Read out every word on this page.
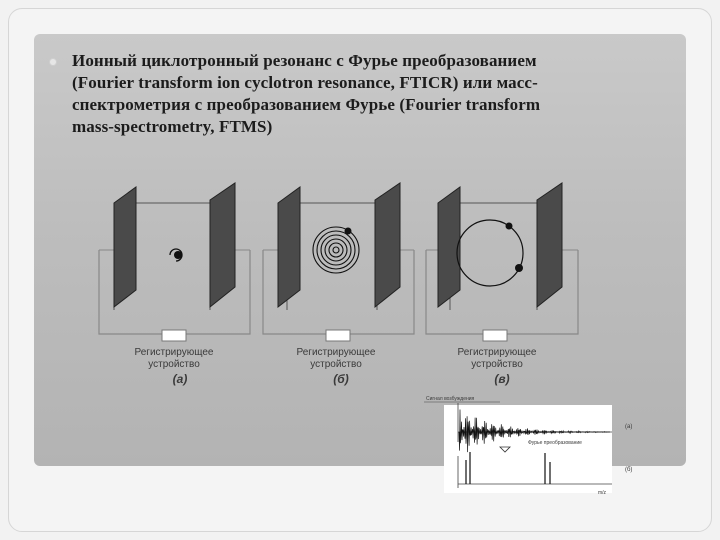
Ионный циклотронный резонанс с Фурье преобразованием
(Fourier transform ion cyclotron resonance, FTICR) или масс-
спектрометрия с преобразованием Фурье (Fourier transform
mass-spectrometry, FTMS)
Регистрирующее
устройство
(а)
Регистрирующее
устройство
(б)
Регистрирующее
устройство
(в)
Сигнал возбуждения
(а)
Фурье преобразование
(б)
m/z
